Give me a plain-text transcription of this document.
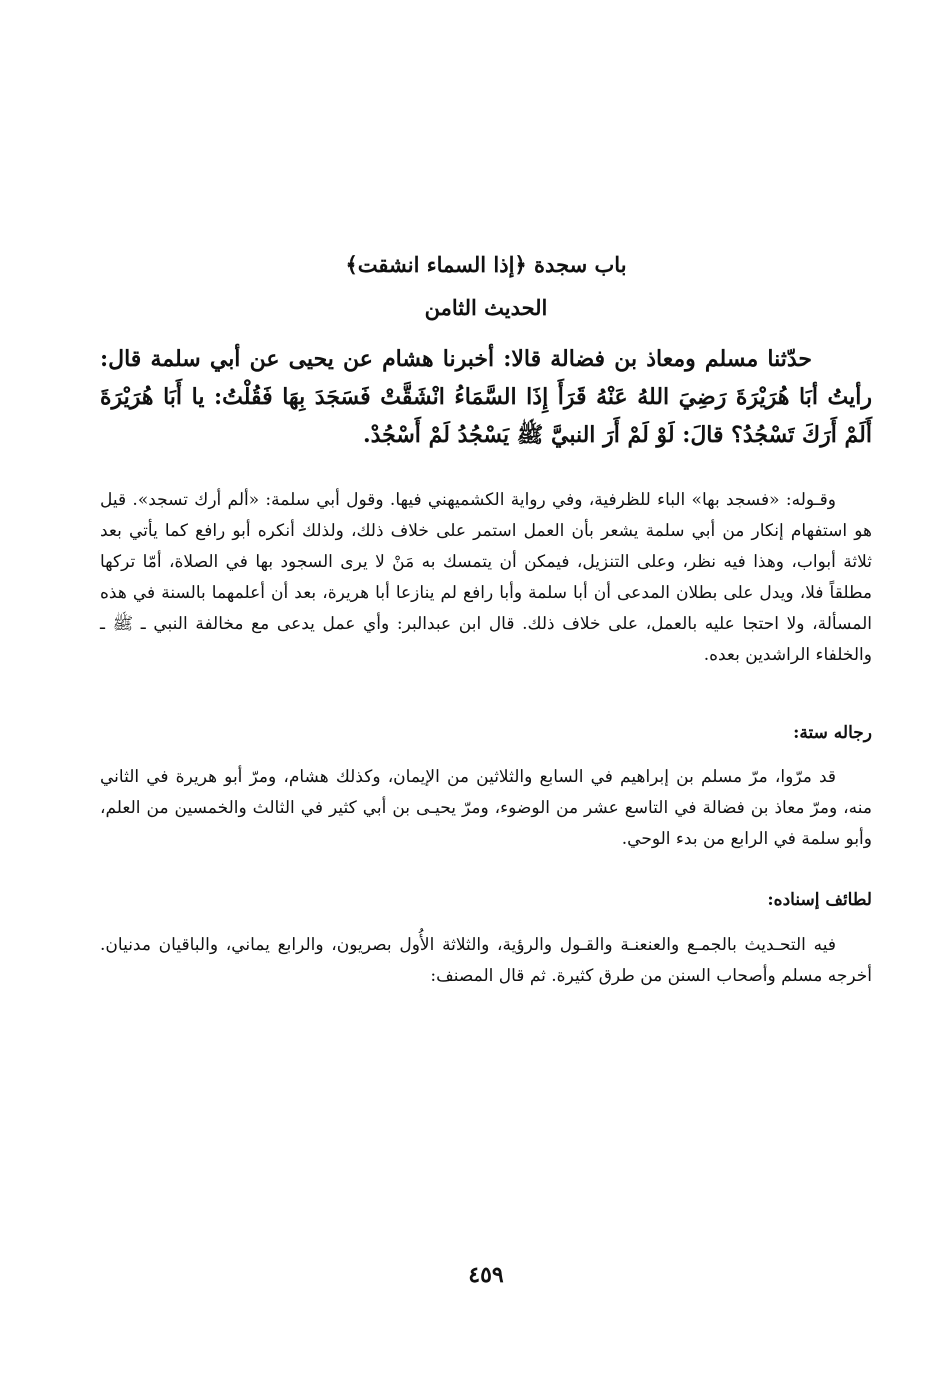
باب سجدة ﴿إذا السماء انشقت﴾
الحديث الثامن

حدّثنا مسلم ومعاذ بن فضالة قالا: أخبرنا هشام عن يحيى عن أبي سلمة قال: رأيتُ أبَا هُرَيْرَةَ رَضِيَ اللهُ عَنْهُ قَرَأَ إِذَا السَّمَاءُ انْشَقَّتْ فَسَجَدَ بِهَا فَقُلْتُ: يا أَبَا هُرَيْرَةَ أَلَمْ أَرَكَ تَسْجُدُ؟ قالَ: لَوْ لَمْ أَرَ النبيَّ ﷺ يَسْجُدُ لَمْ أَسْجُدْ.

وقـوله: «فسجد بها» الباء للظرفية، وفي رواية الكشميهني فيها. وقول أبي سلمة: «ألم أرك تسجد». قيل هو استفهام إنكار من أبي سلمة يشعر بأن العمل استمر على خلاف ذلك، ولذلك أنكره أبو رافع كما يأتي بعد ثلاثة أبواب، وهذا فيه نظر، وعلى التنزيل، فيمكن أن يتمسك به مَنْ لا يرى السجود بها في الصلاة، أمّا تركها مطلقاً فلا، ويدل على بطلان المدعى أن أبا سلمة وأبا رافع لم ينازعا أبا هريرة، بعد أن أعلمهما بالسنة في هذه المسألة، ولا احتجا عليه بالعمل، على خلاف ذلك. قال ابن عبدالبر: وأي عمل يدعى مع مخالفة النبي ـ ﷺ ـ والخلفاء الراشدين بعده.

رجاله ستة:

قد مرّوا، مرّ مسلم بن إبراهيم في السابع والثلاثين من الإيمان، وكذلك هشام، ومرّ أبو هريرة في الثاني منه، ومرّ معاذ بن فضالة في التاسع عشر من الوضوء، ومرّ يحيـى بن أبي كثير في الثالث والخمسين من العلم، وأبو سلمة في الرابع من بدء الوحي.

لطائف إسناده:

فيه التحـديث بالجمـع والعنعنـة والقـول والرؤية، والثلاثة الأُول بصريون، والرابع يماني، والباقيان مدنيان. أخرجه مسلم وأصحاب السنن من طرق كثيرة. ثم قال المصنف:

٤٥٩
